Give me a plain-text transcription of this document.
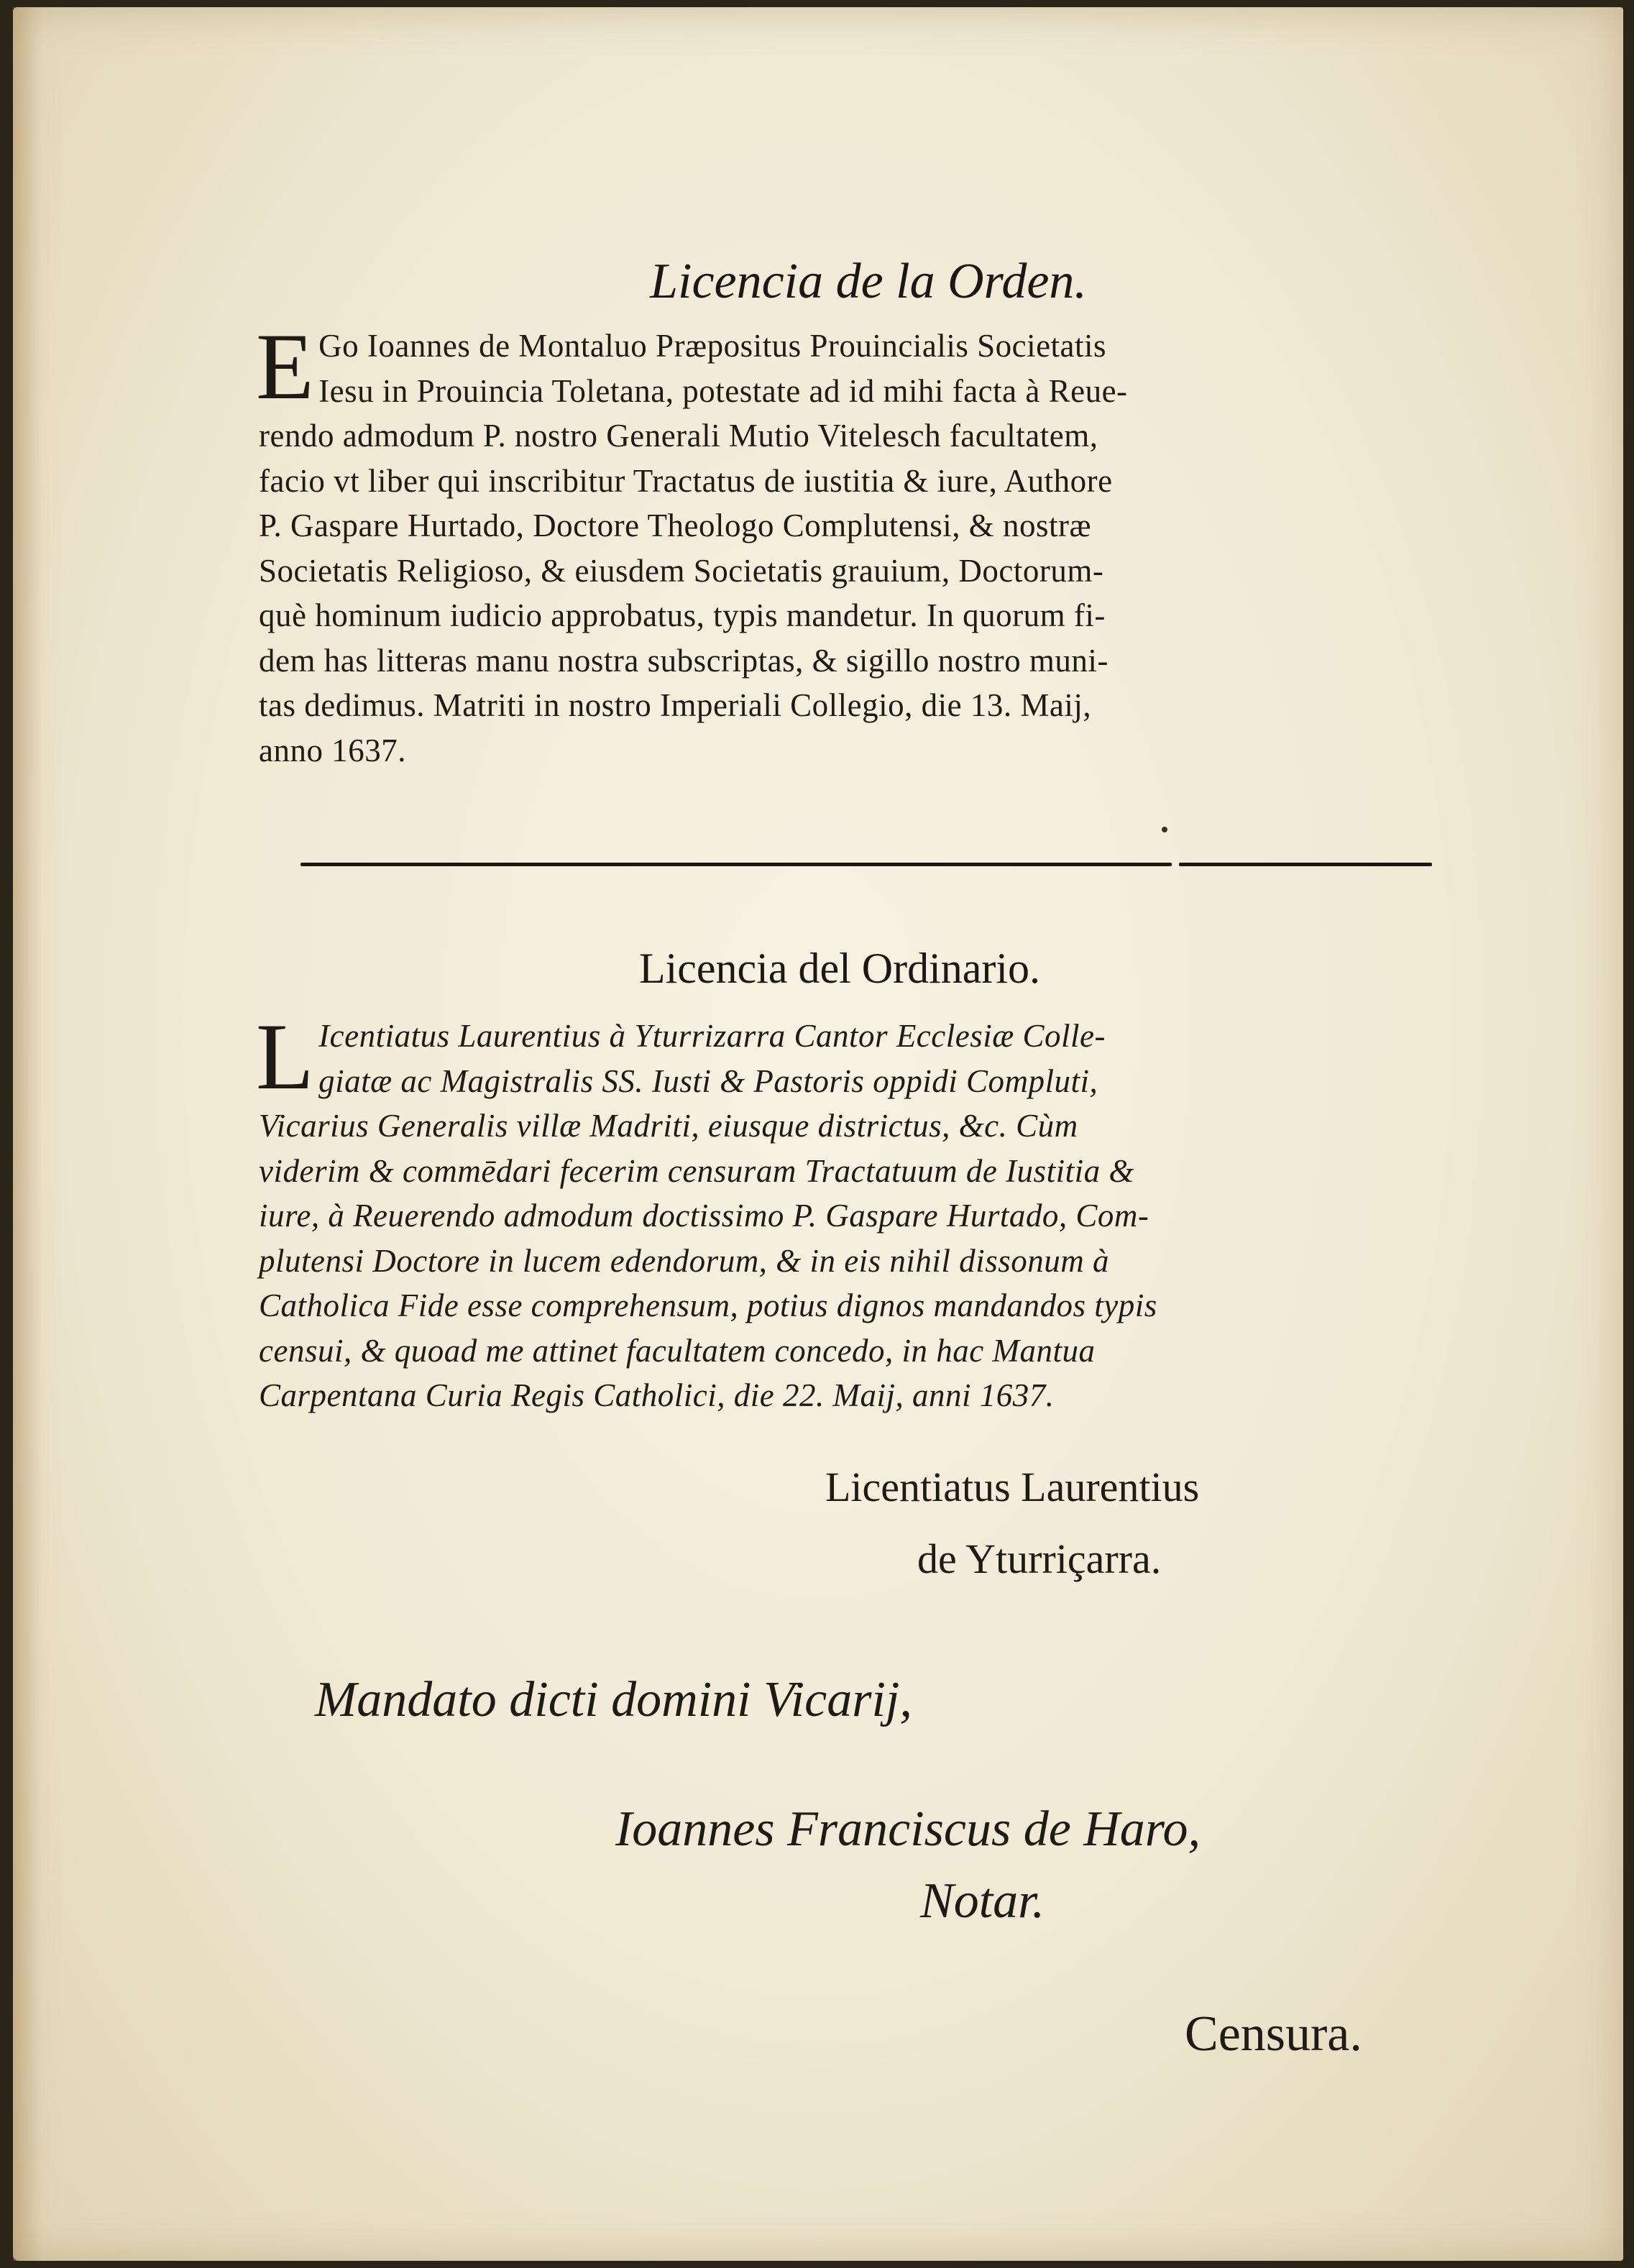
Licencia de la Orden.
E Go Ioannes de Montaluo Præpositus Prouincialis Societatis
Iesu in Prouincia Toletana, potestate ad id mihi facta à Reue-
rendo admodum P. nostro Generali Mutio Vitelesch facultatem,
facio vt liber qui inscribitur Tractatus de iustitia & iure, Authore
P. Gaspare Hurtado, Doctore Theologo Complutensi, & nostræ
Societatis Religioso, & eiusdem Societatis grauium, Doctorum-
què hominum iudicio approbatus, typis mandetur. In quorum fi-
dem has litteras manu nostra subscriptas, & sigillo nostro muni-
tas dedimus. Matriti in nostro Imperiali Collegio, die 13. Maij,
anno 1637.
Licencia del Ordinario.
L Icentiatus Laurentius à Yturrizarra Cantor Ecclesiæ Colle-
giatæ ac Magistralis SS. Iusti & Pastoris oppidi Compluti,
Vicarius Generalis villæ Madriti, eiusque districtus, &c. Cùm
viderim & commēdari fecerim censuram Tractatuum de Iustitia &
iure, à Reuerendo admodum doctissimo P. Gaspare Hurtado, Com-
plutensi Doctore in lucem edendorum, & in eis nihil dissonum à
Catholica Fide esse comprehensum, potius dignos mandandos typis
censui, & quoad me attinet facultatem concedo, in hac Mantua
Carpentana Curia Regis Catholici, die 22. Maij, anni 1637.
Licentiatus Laurentius
de Yturriçarra.
Mandato dicti domini Vicarij,
Ioannes Franciscus de Haro,
Notar.
Censura.
